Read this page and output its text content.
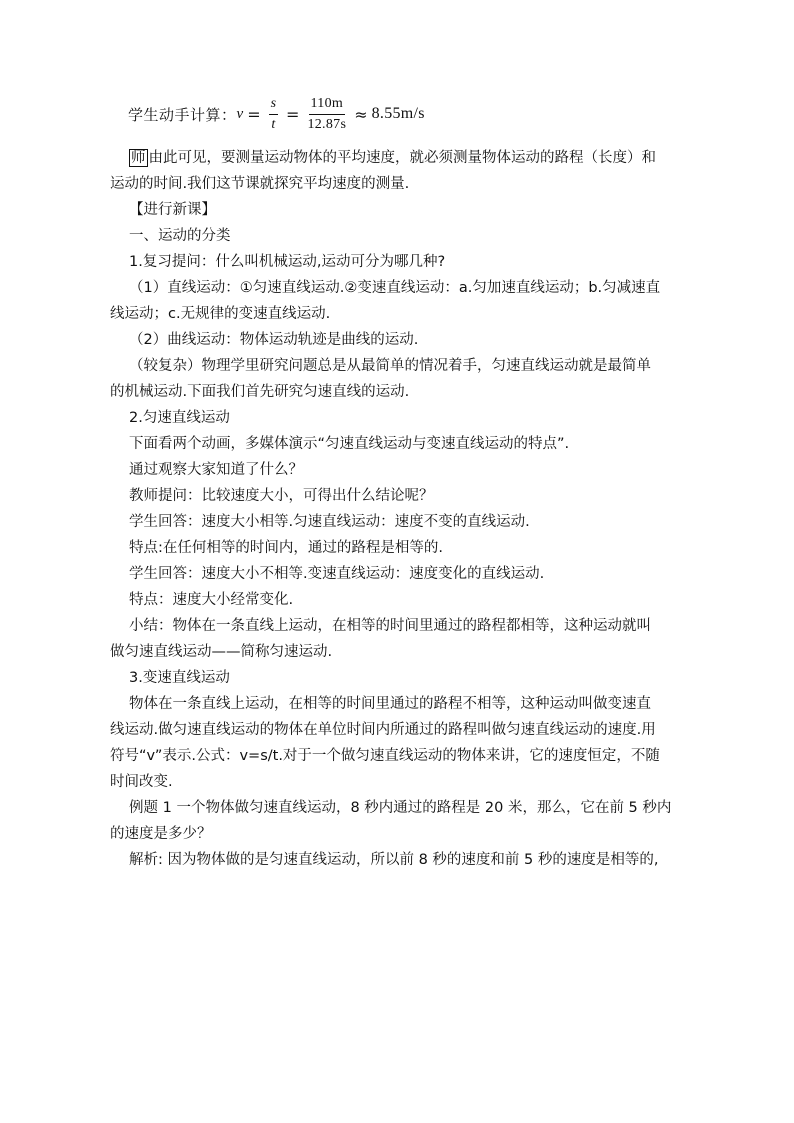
学生动手计算： $v = \frac{s}{t} = \frac{110m}{12.87s} \approx 8.55m/s$
师 由此可见，要测量运动物体的平均速度，就必须测量物体运动的路程（长度）和
运动的时间.我们这节课就探究平均速度的测量.
【进行新课】
一、运动的分类
1.复习提问：什么叫机械运动,运动可分为哪几种?
（1）直线运动：①匀速直线运动.②变速直线运动：a.匀加速直线运动；b.匀减速直
线运动；c.无规律的变速直线运动.
（2）曲线运动：物体运动轨迹是曲线的运动.
（较复杂）物理学里研究问题总是从最简单的情况着手，匀速直线运动就是最简单
的机械运动.下面我们首先研究匀速直线的运动.
2.匀速直线运动
下面看两个动画，多媒体演示“匀速直线运动与变速直线运动的特点”.
通过观察大家知道了什么？
教师提问：比较速度大小，可得出什么结论呢？
学生回答：速度大小相等.匀速直线运动：速度不变的直线运动.
特点:在任何相等的时间内，通过的路程是相等的.
学生回答：速度大小不相等.变速直线运动：速度变化的直线运动.
特点：速度大小经常变化.
小结：物体在一条直线上运动，在相等的时间里通过的路程都相等，这种运动就叫
做匀速直线运动——简称匀速运动.
3.变速直线运动
物体在一条直线上运动，在相等的时间里通过的路程不相等，这种运动叫做变速直
线运动.做匀速直线运动的物体在单位时间内所通过的路程叫做匀速直线运动的速度.用
符号“v”表示.公式：v=s/t.对于一个做匀速直线运动的物体来讲，它的速度恒定，不随
时间改变.
例题 1 一个物体做匀速直线运动，8 秒内通过的路程是 20 米，那么，它在前 5 秒内
的速度是多少？
解析: 因为物体做的是匀速直线运动，所以前 8 秒的速度和前 5 秒的速度是相等的,
